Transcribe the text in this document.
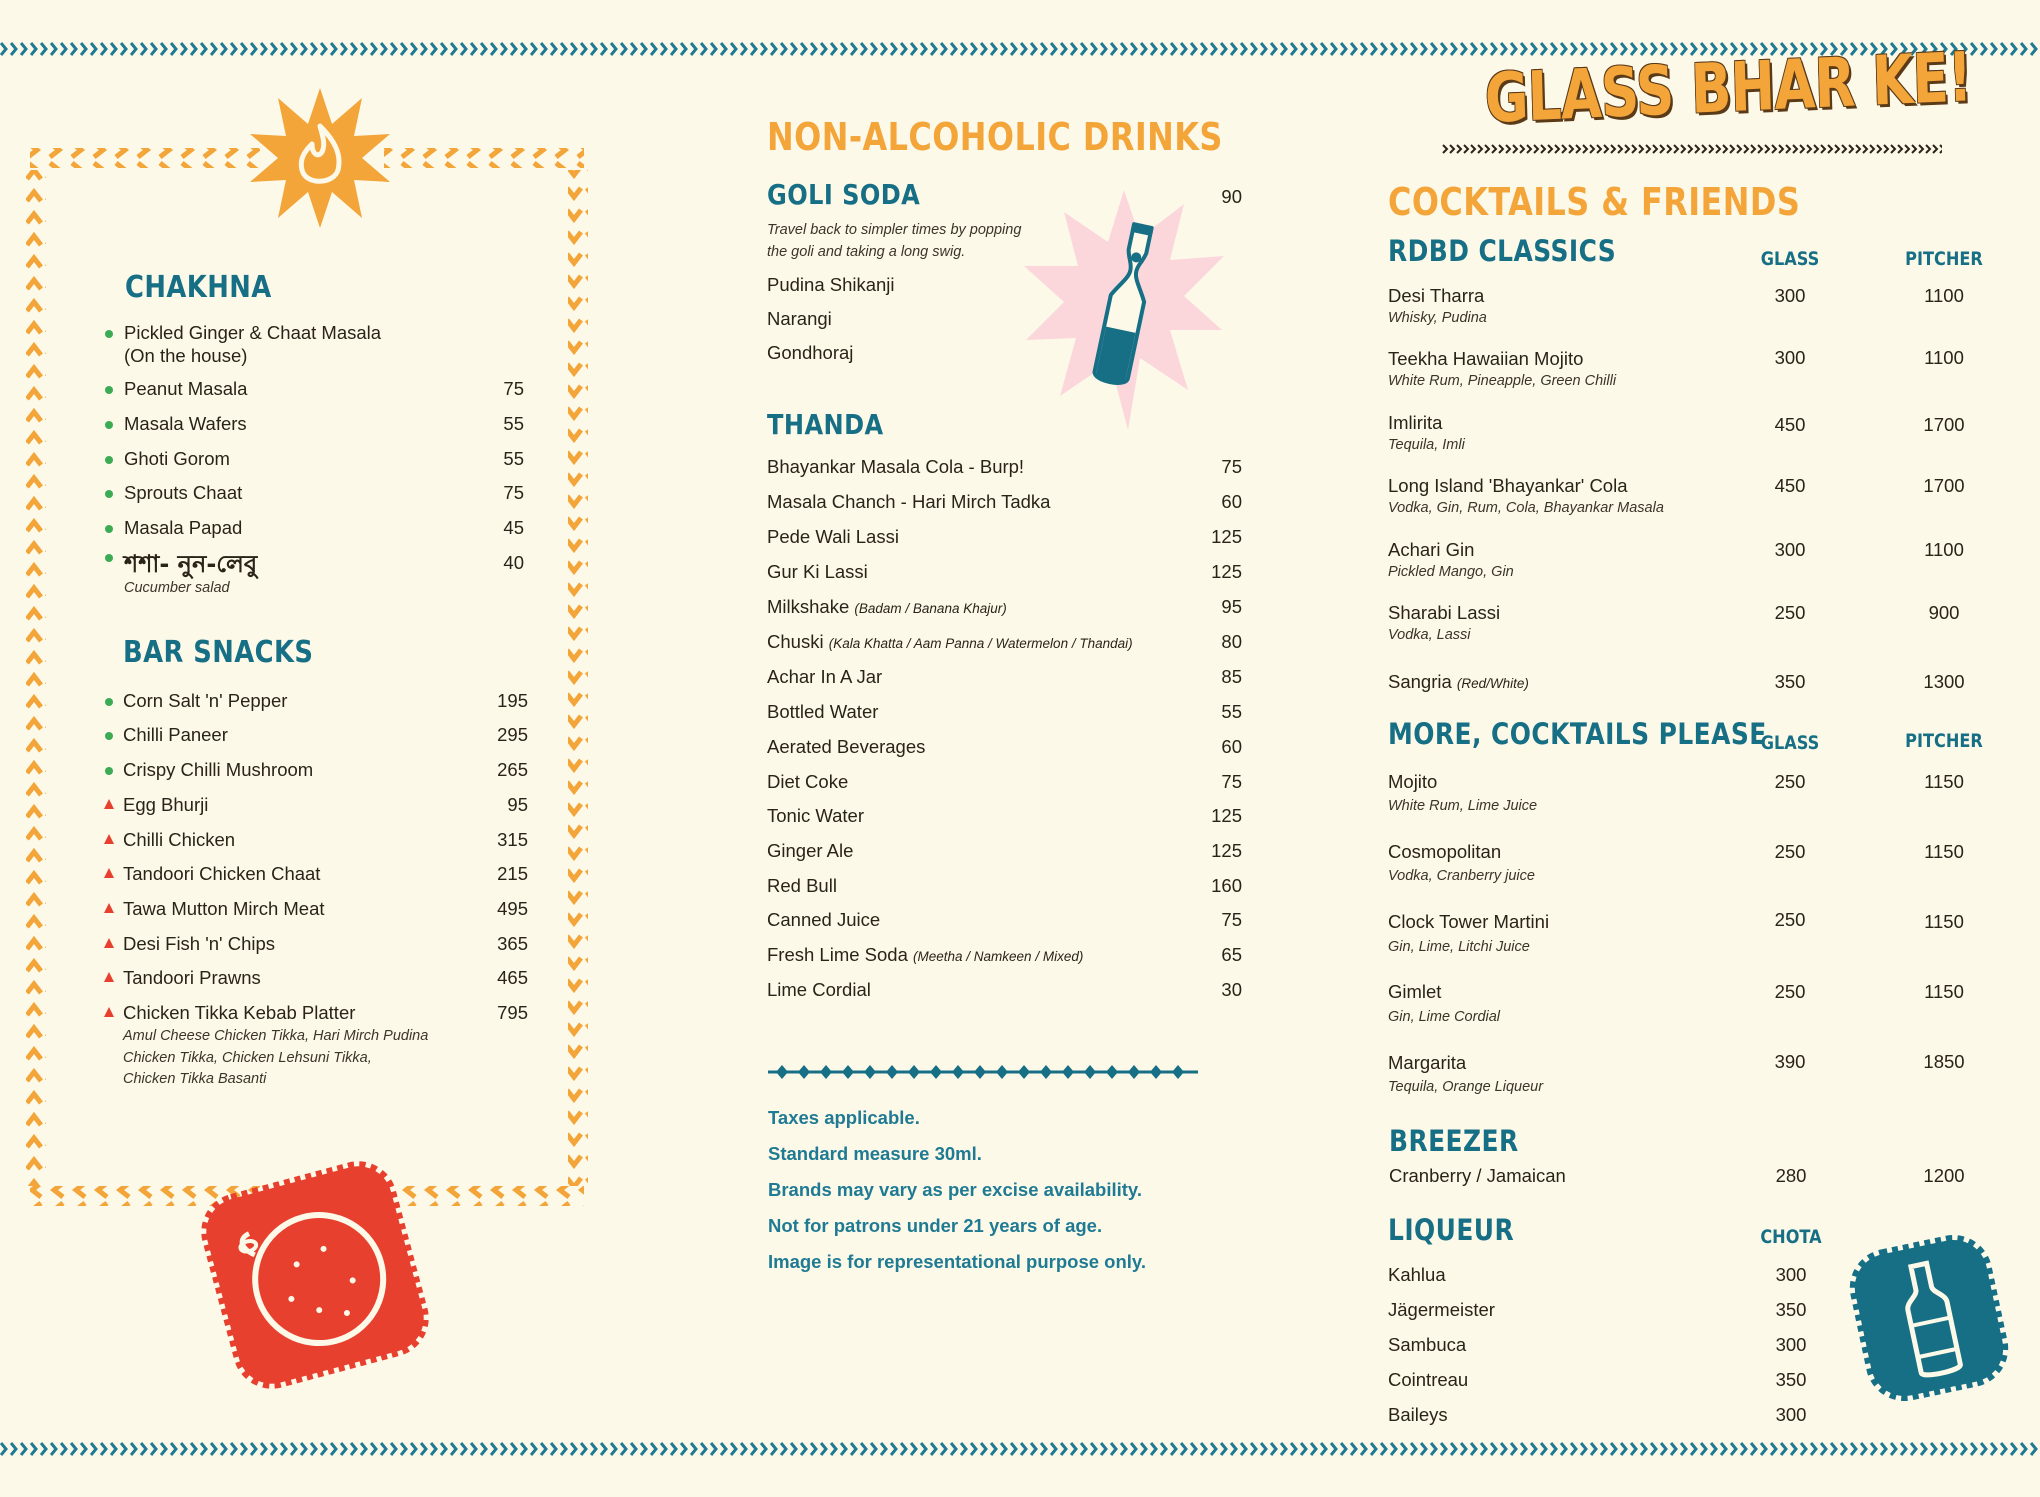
CHAKHNA
Pickled Ginger & Chaat Masala
(On the house)
Peanut Masala	75
Masala Wafers	55
Ghoti Gorom	55
Sprouts Chaat	75
Masala Papad	45
শশা- নুন-লেবু	40
Cucumber salad
BAR SNACKS
Corn Salt 'n' Pepper	195
Chilli Paneer	295
Crispy Chilli Mushroom	265
Egg Bhurji	95
Chilli Chicken	315
Tandoori Chicken Chaat	215
Tawa Mutton Mirch Meat	495
Desi Fish 'n' Chips	365
Tandoori Prawns	465
Chicken Tikka Kebab Platter	795
Amul Cheese Chicken Tikka, Hari Mirch Pudina
Chicken Tikka, Chicken Lehsuni Tikka,
Chicken Tikka Basanti
NON-ALCOHOLIC DRINKS
GOLI SODA	90
Travel back to simpler times by popping
the goli and taking a long swig.
Pudina Shikanji
Narangi
Gondhoraj
THANDA
Bhayankar Masala Cola - Burp!	75
Masala Chanch - Hari Mirch Tadka	60
Pede Wali Lassi	125
Gur Ki Lassi	125
Milkshake (Badam / Banana Khajur)	95
Chuski (Kala Khatta / Aam Panna / Watermelon / Thandai)	80
Achar In A Jar	85
Bottled Water	55
Aerated Beverages	60
Diet Coke	75
Tonic Water	125
Ginger Ale	125
Red Bull	160
Canned Juice	75
Fresh Lime Soda (Meetha / Namkeen / Mixed)	65
Lime Cordial	30
Taxes applicable.
Standard measure 30ml.
Brands may vary as per excise availability.
Not for patrons under 21 years of age.
Image is for representational purpose only.
GLASS BHAR KE!
COCKTAILS & FRIENDS
RDBD CLASSICS	GLASS	PITCHER
Desi Tharra
Whisky, Pudina
300	1100
Teekha Hawaiian Mojito
White Rum, Pineapple, Green Chilli
300	1100
Imlirita
Tequila, Imli
450	1700
Long Island 'Bhayankar' Cola
Vodka, Gin, Rum, Cola, Bhayankar Masala
450	1700
Achari Gin
Pickled Mango, Gin
300	1100
Sharabi Lassi
Vodka, Lassi
250	900
Sangria (Red/White)	350	1300
MORE, COCKTAILS PLEASE
GLASS	PITCHER
Mojito
White Rum, Lime Juice
250	1150
Cosmopolitan
Vodka, Cranberry juice
250	1150
Clock Tower Martini
Gin, Lime, Litchi Juice
250	1150
Gimlet
Gin, Lime Cordial
250	1150
Margarita
Tequila, Orange Liqueur
390	1850
BREEZER
Cranberry / Jamaican	280	1200
LIQUEUR	CHOTA
Kahlua	300
Jägermeister	350
Sambuca	300
Cointreau	350
Baileys	300
